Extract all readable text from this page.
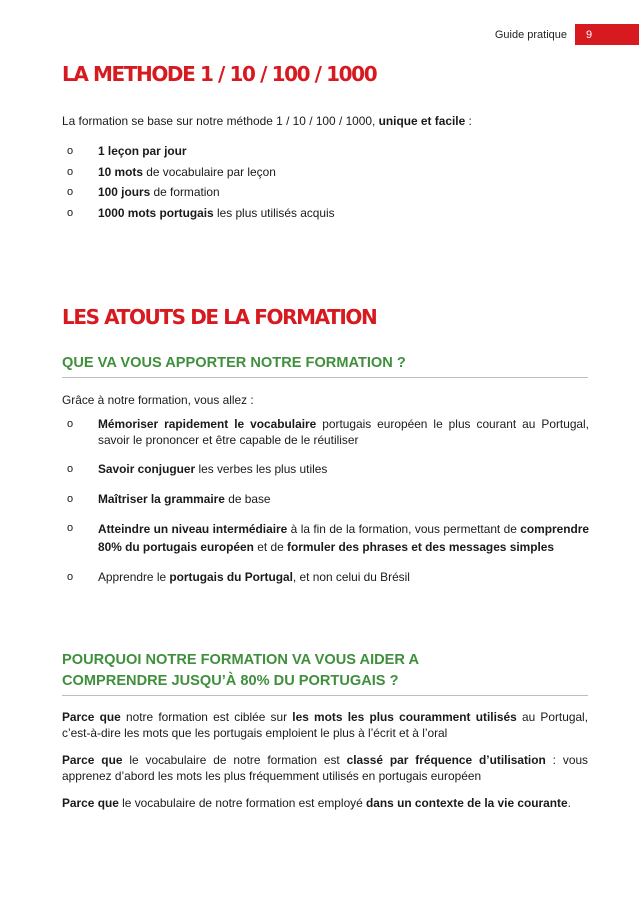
Guide pratique	9
LA METHODE 1 / 10 / 100 / 1000

La formation se base sur notre méthode 1 / 10 / 100 / 1000, unique et facile :

o 1 leçon par jour
o 10 mots de vocabulaire par leçon
o 100 jours de formation
o 1000 mots portugais les plus utilisés acquis
LES ATOUTS DE LA FORMATION
QUE VA VOUS APPORTER NOTRE FORMATION ?

Grâce à notre formation, vous allez :

o Mémoriser rapidement le vocabulaire portugais européen le plus courant au Portugal, savoir le prononcer et être capable de le réutiliser

o Savoir conjuguer les verbes les plus utiles

o Maîtriser la grammaire de base

o Atteindre un niveau intermédiaire à la fin de la formation, vous permettant de comprendre 80% du portugais européen et de formuler des phrases et des messages simples

o Apprendre le portugais du Portugal, et non celui du Brésil

POURQUOI NOTRE FORMATION VA VOUS AIDER A
COMPRENDRE JUSQU’À 80% DU PORTUGAIS ?

Parce que notre formation est ciblée sur les mots les plus couramment utilisés au Portugal, c’est-à-dire les mots que les portugais emploient le plus à l’écrit et à l’oral

Parce que le vocabulaire de notre formation est classé par fréquence d’utilisation : vous apprenez d’abord les mots les plus fréquemment utilisés en portugais européen

Parce que le vocabulaire de notre formation est employé dans un contexte de la vie courante.
